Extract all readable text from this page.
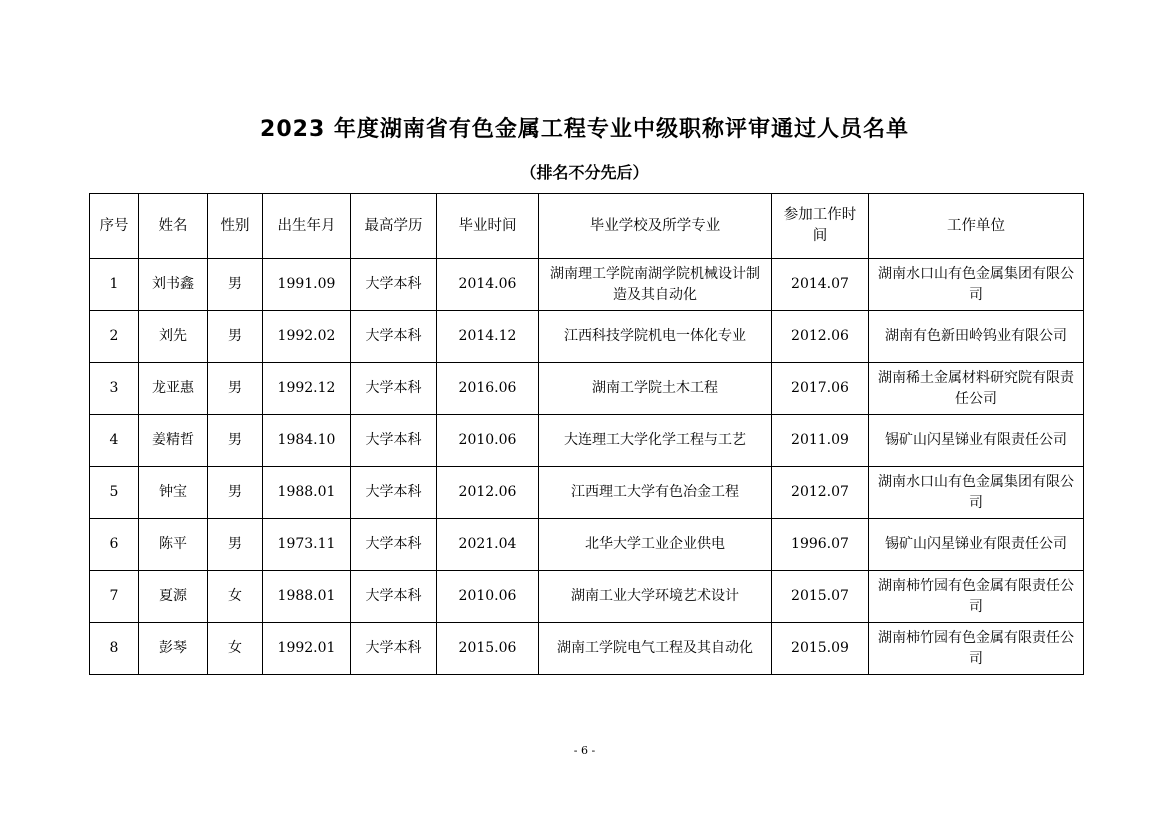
2023 年度湖南省有色金属工程专业中级职称评审通过人员名单
（排名不分先后）
序号	姓名	性别	出生年月	最高学历	毕业时间	毕业学校及所学专业	参加工作时间	工作单位
1	刘书鑫	男	1991.09	大学本科	2014.06	湖南理工学院南湖学院机械设计制造及其自动化	2014.07	湖南水口山有色金属集团有限公司
2	刘先	男	1992.02	大学本科	2014.12	江西科技学院机电一体化专业	2012.06	湖南有色新田岭钨业有限公司
3	龙亚惠	男	1992.12	大学本科	2016.06	湖南工学院土木工程	2017.06	湖南稀土金属材料研究院有限责任公司
4	姜精哲	男	1984.10	大学本科	2010.06	大连理工大学化学工程与工艺	2011.09	锡矿山闪星锑业有限责任公司
5	钟宝	男	1988.01	大学本科	2012.06	江西理工大学有色冶金工程	2012.07	湖南水口山有色金属集团有限公司
6	陈平	男	1973.11	大学本科	2021.04	北华大学工业企业供电	1996.07	锡矿山闪星锑业有限责任公司
7	夏源	女	1988.01	大学本科	2010.06	湖南工业大学环境艺术设计	2015.07	湖南柿竹园有色金属有限责任公司
8	彭琴	女	1992.01	大学本科	2015.06	湖南工学院电气工程及其自动化	2015.09	湖南柿竹园有色金属有限责任公司
- 6 -
